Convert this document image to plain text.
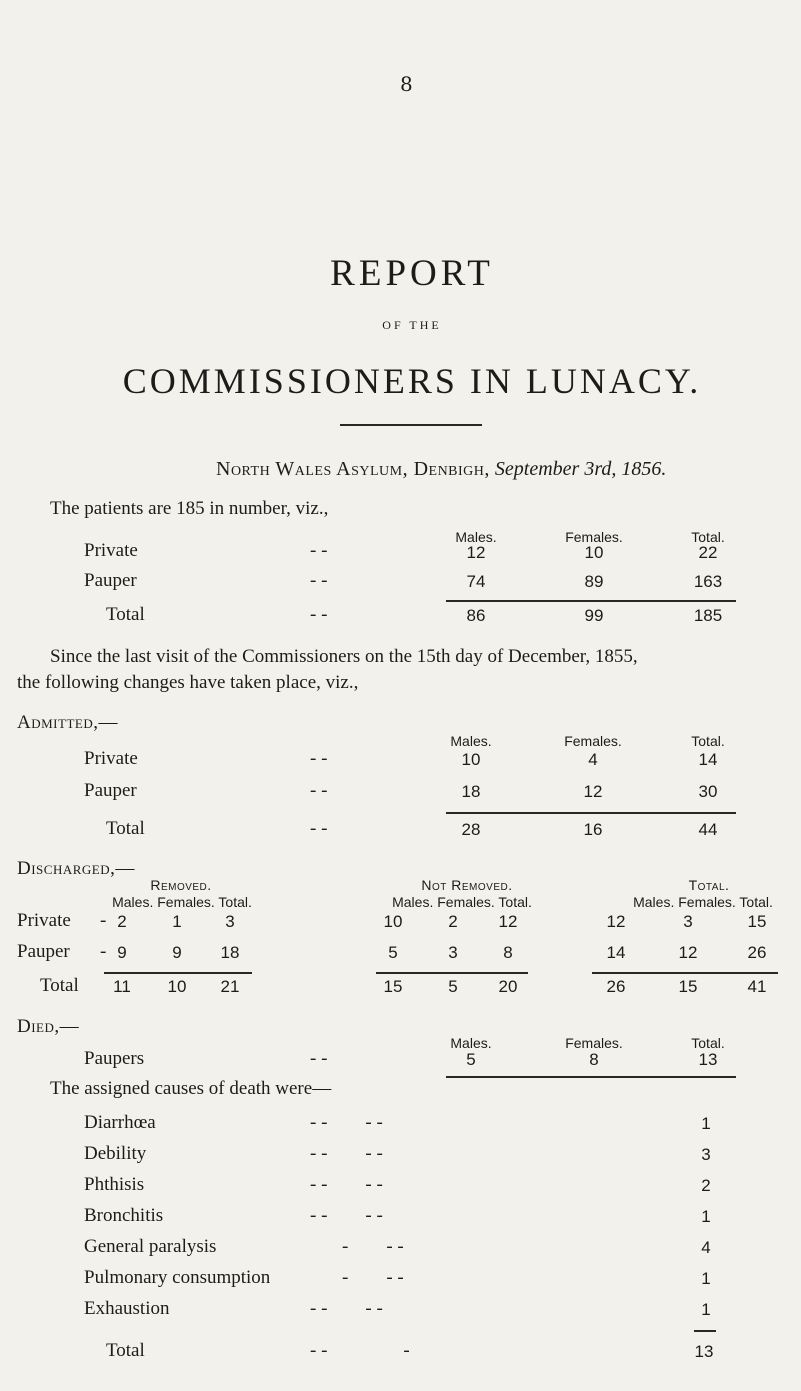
8
REPORT
OF THE
COMMISSIONERS IN LUNACY.
North Wales Asylum, Denbigh, September 3rd, 1856.
The patients are 185 in number, viz.,
Males.	Females.	Total.
Private	- -	12	10	22
Pauper	- -	74	89	163
Total	- -	86	99	185
Since the last visit of the Commissioners on the 15th day of December, 1855,
the following changes have taken place, viz.,
Admitted,—
Males.	Females.	Total.
Private	- -	10	4	14
Pauper	- -	18	12	30
Total	- -	28	16	44
Discharged,—
Removed.	Not Removed.	Total.
Males. Females. Total.	Males. Females. Total.	Males. Females. Total.
Private - 2	1	3	10	2 12	12	3	15
Pauper - 9	9 18	5	3	8	14	12	26
Total 11 10 21	15	5 20	26	15	41
Died,—
Males.	Females.	Total.
Paupers	- -	5	8	13
The assigned causes of death were—
Diarrhœa	- -        - -	1
Debility	- -        - -	3
Phthisis	- -        - -	2
Bronchitis	- -        - -	1
General paralysis	-        - -	4
Pulmonary consumption	-        - -	1
Exhaustion	- -        - -	1
Total	- -                -	13
